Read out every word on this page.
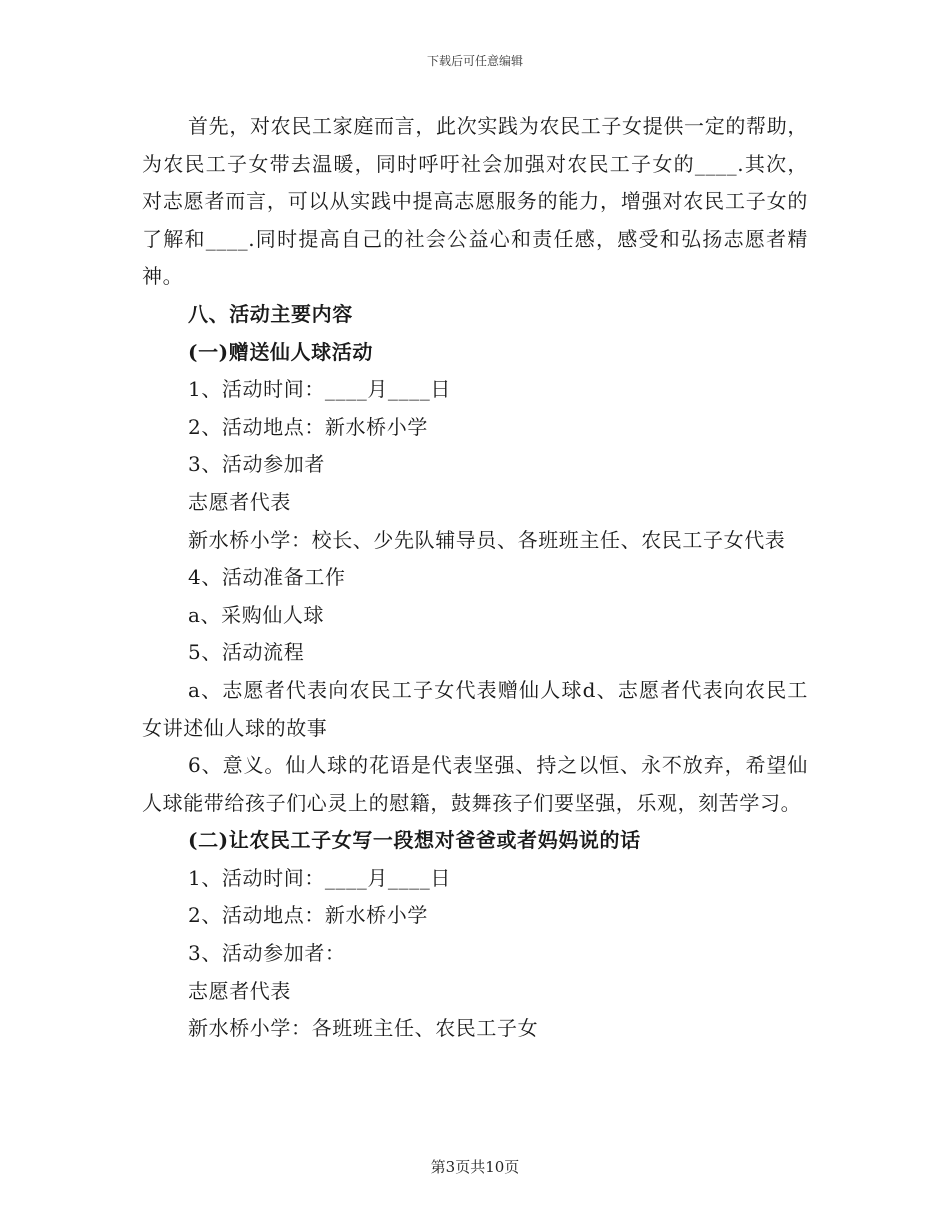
下载后可任意编辑

首先，对农民工家庭而言，此次实践为农民工子女提供一定的帮助，为农民工子女带去温暖，同时呼吁社会加强对农民工子女的____.其次，对志愿者而言，可以从实践中提高志愿服务的能力，增强对农民工子女的了解和____.同时提高自己的社会公益心和责任感，感受和弘扬志愿者精神。

八、活动主要内容

(一)赠送仙人球活动

1、活动时间：____月____日

2、活动地点：新水桥小学

3、活动参加者

志愿者代表

新水桥小学：校长、少先队辅导员、各班班主任、农民工子女代表

4、活动准备工作

a、采购仙人球

5、活动流程

a、志愿者代表向农民工子女代表赠仙人球d、志愿者代表向农民工女讲述仙人球的故事

6、意义。仙人球的花语是代表坚强、持之以恒、永不放弃，希望仙人球能带给孩子们心灵上的慰籍，鼓舞孩子们要坚强，乐观，刻苦学习。

(二)让农民工子女写一段想对爸爸或者妈妈说的话

1、活动时间：____月____日

2、活动地点：新水桥小学

3、活动参加者：

志愿者代表

新水桥小学：各班班主任、农民工子女

第3页共10页
